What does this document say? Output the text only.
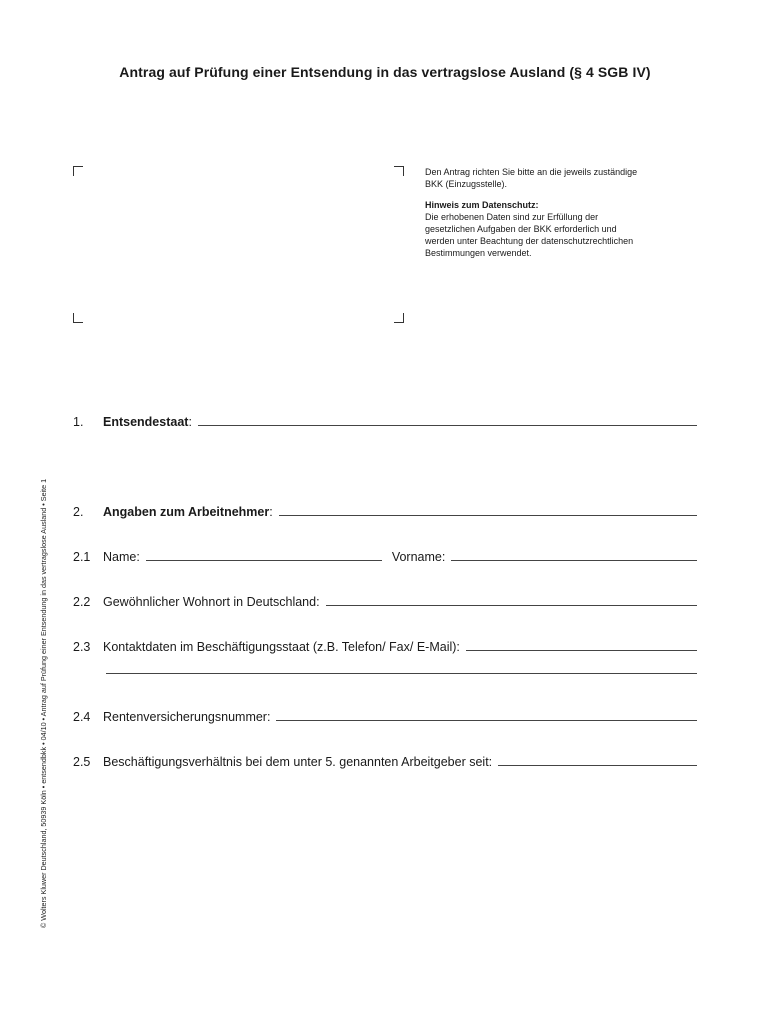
Antrag auf Prüfung einer Entsendung in das vertragslose Ausland (§ 4 SGB IV)

Den Antrag richten Sie bitte an die jeweils zuständige

BKK (Einzugsstelle).

Hinweis zum Datenschutz:

Die erhobenen Daten sind zur Erfüllung der

gesetzlichen Aufgaben der BKK erforderlich und

werden unter Beachtung der datenschutzrechtlichen

Bestimmungen verwendet.

© Wolters Kluwer Deutschland, 50939 Köln • entsendbkk • 04/10 • Antrag auf Prüfung einer Entsendung in das vertragslose Ausland • Seite 1
1.	Entsendestaat :
2.	Angaben zum Arbeitnehmer :
2.1	Name:	Vorname:
2.2	Gewöhnlicher Wohnort in Deutschland:
2.3	Kontaktdaten im Beschäftigungsstaat (z.B. Telefon/ Fax/ E-Mail):
2.4	Rentenversicherungsnummer:
2.5	Beschäftigungsverhältnis bei dem unter 5. genannten Arbeitgeber seit:
